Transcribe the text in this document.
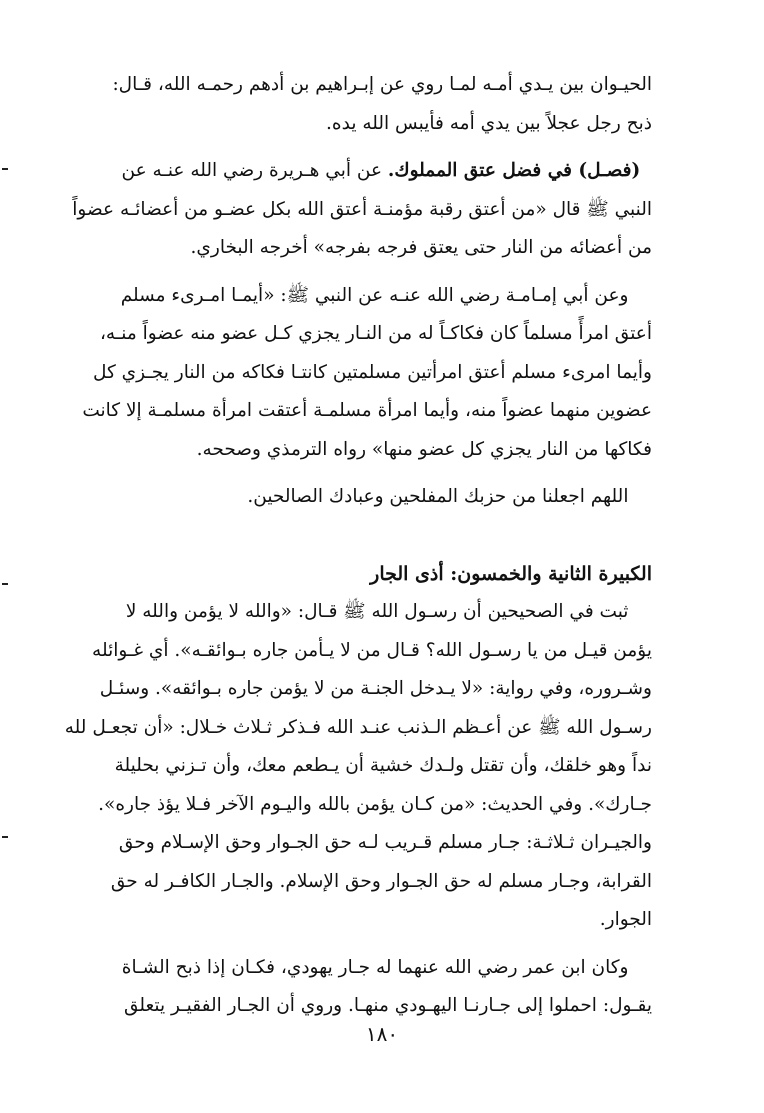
الحيـوان بين يـدي أمـه لمـا روي عن إبـراهيم بن أدهم رحمـه الله، قـال:
ذبح رجل عجلاً بين يدي أمه فأيبس الله يده.
(فصـل) في فضل عتق المملوك. عن أبي هـريرة رضي الله عنـه عن
النبي ﷺ قال «من أعتق رقبة مؤمنـة أعتق الله بكل عضـو من أعضائـه عضواً
من أعضائه من النار حتى يعتق فرجه بفرجه» أخرجه البخاري.
وعن أبي إمـامـة رضي الله عنـه عن النبي ﷺ: «أيمـا امـرىء مسلم
أعتق امرأً مسلماً كان فكاكـاً له من النـار يجزي كـل عضو منه عضواً منـه،
وأيما امرىء مسلم أعتق امرأتين مسلمتين كانتـا فكاكه من النار يجـزي كل
عضوين منهما عضواً منه، وأيما امرأة مسلمـة أعتقت امرأة مسلمـة إلا كانت
فكاكها من النار يجزي كل عضو منها» رواه الترمذي وصححه.
اللهم اجعلنا من حزبك المفلحين وعبادك الصالحين.
الكبيرة الثانية والخمسون: أذى الجار
ثبت في الصحيحين أن رسـول الله ﷺ قـال: «والله لا يؤمن والله لا
يؤمن قيـل من يا رسـول الله؟ قـال من لا يـأمن جاره بـوائقـه». أي غـوائله
وشـروره، وفي رواية: «لا يـدخل الجنـة من لا يؤمن جاره بـوائقه». وسئـل
رسـول الله ﷺ عن أعـظم الـذنب عنـد الله فـذكر ثـلاث خـلال: «أن تجعـل لله
نداً وهو خلقك، وأن تقتل ولـدك خشية أن يـطعم معك، وأن تـزني بحليلة
جـارك». وفي الحديث: «من كـان يؤمن بالله واليـوم الآخر فـلا يؤذ جاره».
والجيـران ثـلاثـة: جـار مسلم قـريب لـه حق الجـوار وحق الإسـلام وحق
القرابة، وجـار مسلم له حق الجـوار وحق الإسلام. والجـار الكافـر له حق
الجوار.
وكان ابن عمر رضي الله عنهما له جـار يهودي، فكـان إذا ذبح الشـاة
يقـول: احملوا إلى جـارنـا اليهـودي منهـا. وروي أن الجـار الفقيـر يتعلق
١٨٠
